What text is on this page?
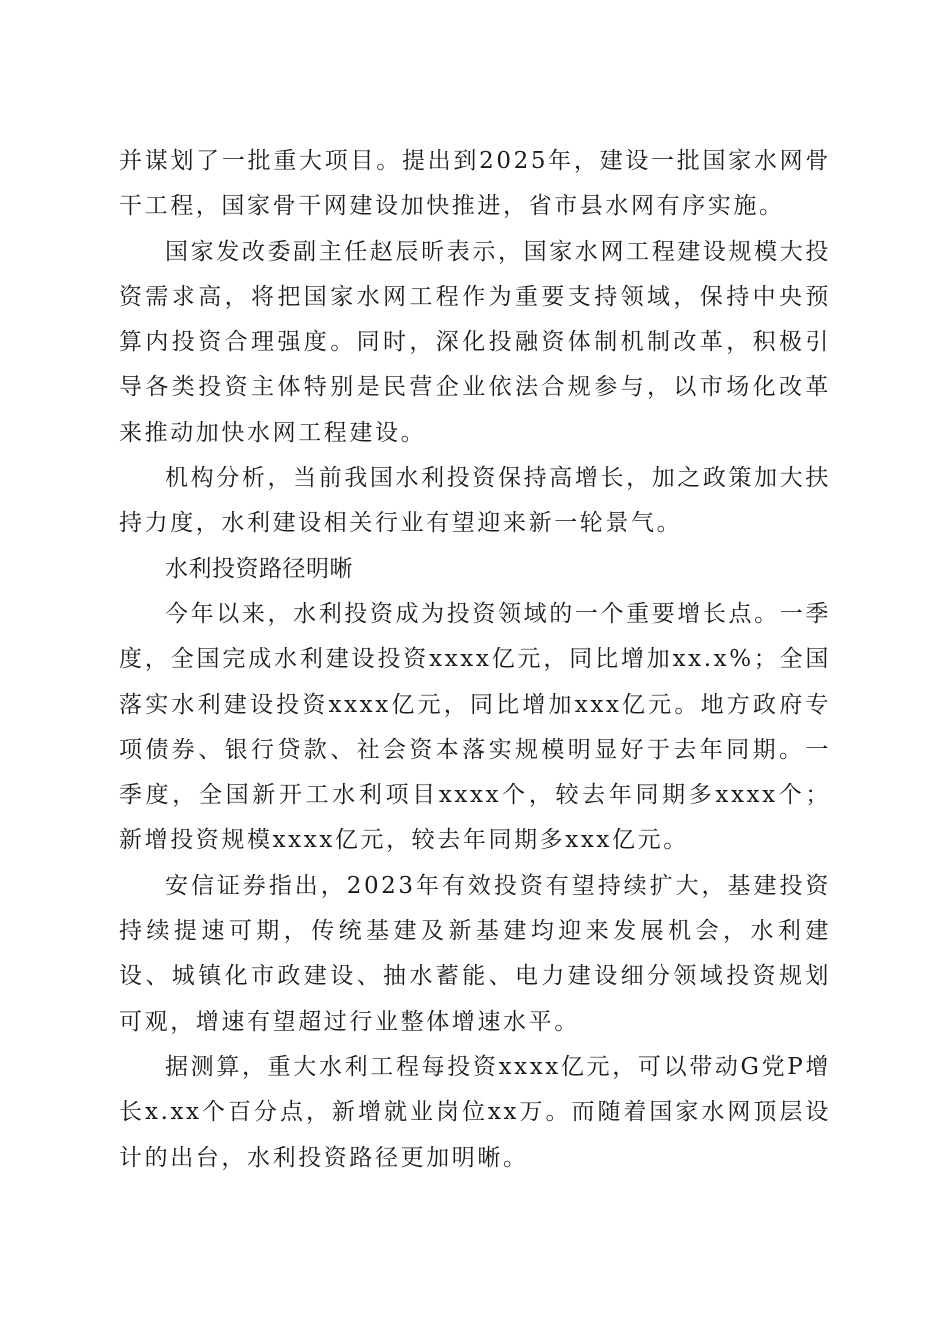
并谋划了一批重大项目。提出到2025年，建设一批国家水网骨干工程，国家骨干网建设加快推进，省市县水网有序实施。

国家发改委副主任赵辰昕表示，国家水网工程建设规模大投资需求高，将把国家水网工程作为重要支持领域，保持中央预算内投资合理强度。同时，深化投融资体制机制改革，积极引导各类投资主体特别是民营企业依法合规参与，以市场化改革来推动加快水网工程建设。

机构分析，当前我国水利投资保持高增长，加之政策加大扶持力度，水利建设相关行业有望迎来新一轮景气。

水利投资路径明晰

今年以来，水利投资成为投资领域的一个重要增长点。一季度，全国完成水利建设投资xxxx亿元，同比增加xx.x%；全国落实水利建设投资xxxx亿元，同比增加xxx亿元。地方政府专项债券、银行贷款、社会资本落实规模明显好于去年同期。一季度，全国新开工水利项目xxxx个，较去年同期多xxxx个；新增投资规模xxxx亿元，较去年同期多xxx亿元。

安信证券指出，2023年有效投资有望持续扩大，基建投资持续提速可期，传统基建及新基建均迎来发展机会，水利建设、城镇化市政建设、抽水蓄能、电力建设细分领域投资规划可观，增速有望超过行业整体增速水平。

据测算，重大水利工程每投资xxxx亿元，可以带动G党P增长x.xx个百分点，新增就业岗位xx万。而随着国家水网顶层设计的出台，水利投资路径更加明晰。
